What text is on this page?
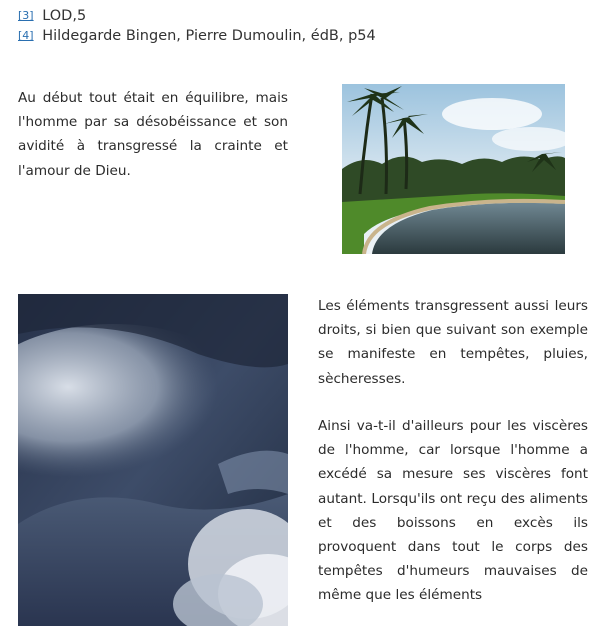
[3] LOD,5
[4] Hildegarde Bingen, Pierre Dumoulin, édB, p54

Au début tout était en équilibre, mais l'homme par sa désobéissance et son avidité à transgressé la crainte et l'amour de Dieu.

Les éléments transgressent aussi leurs droits, si bien que suivant son exemple se manifeste en tempêtes, pluies, sècheresses.

Ainsi va-t-il d'ailleurs pour les viscères de l'homme, car lorsque l'homme a excédé sa mesure ses viscères font autant. Lorsqu'ils ont reçu des aliments et des boissons en excès ils provoquent dans tout le corps des tempêtes d'humeurs mauvaises de même que les éléments
